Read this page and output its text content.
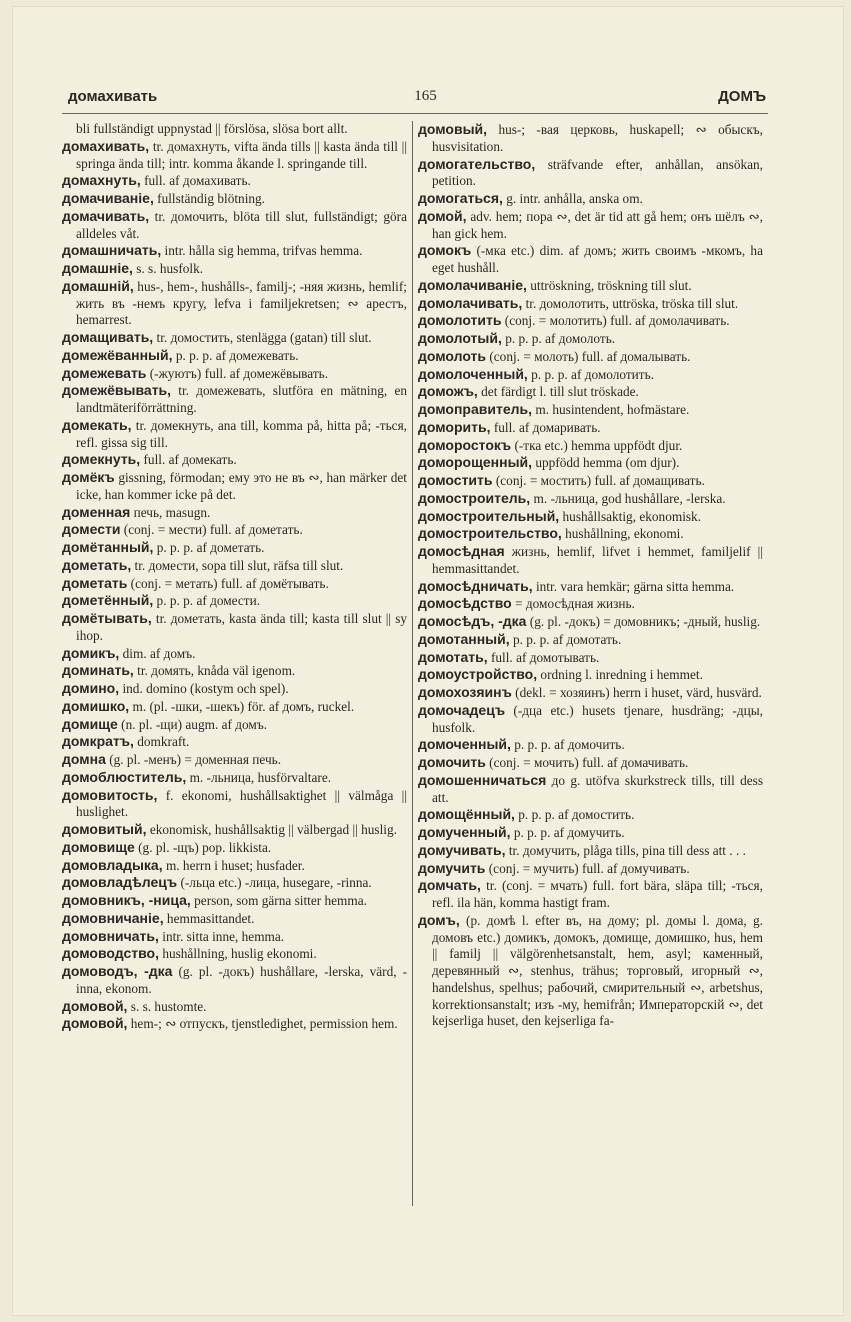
домахивать	165	ДОМЪ

bli fullständigt uppnystad || förslösa, slösa bort allt.

домахивать, tr. домахнуть, vifta ända tills || kasta ända till || springa ända till; intr. komma åkande l. springande till.

домахнуть, full. af домахивать.

домачиваніе, fullständig blötning.

домачивать, tr. домочить, blöta till slut, fullständigt; göra alldeles våt.

домашничать, intr. hålla sig hemma, trifvas hemma.

домашніе, s. s. husfolk.

домашній, hus-, hem-, hushålls-, familj-; -няя жизнь, hemlif; жить въ -немъ кругу, lefva i familjekretsen; ∾ арестъ, hemarrest.

домащивать, tr. домостить, stenlägga (gatan) till slut.

домежёванный, p. p. p. af домежевать.

домежевать (-жуютъ) full. af домежёвывать.

домежёвывать, tr. домежевать, slutföra en mätning, en landtmäteriförrättning.

домекать, tr. домекнуть, ana till, komma på, hitta på; -ться, refl. gissa sig till.

домекнуть, full. af домекать.

домёкъ gissning, förmodan; ему это не въ ∾, han märker det icke, han kommer icke på det.

доменная печь, masugn.

домести (conj. = мести) full. af дометать.

домётанный, p. p. p. af дометать.

дометать, tr. домести, sopa till slut, räfsa till slut.

дометать (conj. = метать) full. af домётывать.

дометённый, p. p. p. af домести.

домётывать, tr. дометать, kasta ända till; kasta till slut || sy ihop.

домикъ, dim. af домъ.

доминать, tr. домять, knåda väl igenom.

домино, ind. domino (kostym och spel).

домишко, m. (pl. -шки, -шекъ) för. af домъ, ruckel.

домище (n. pl. -щи) augm. af домъ.

домкратъ, domkraft.

домна (g. pl. -менъ) = доменная печь.

домоблюститель, m. -льница, husförvaltare.

домовитость, f. ekonomi, hushållsaktighet || välmåga || huslighet.

домовитый, ekonomisk, hushållsaktig || välbergad || huslig.

домовище (g. pl. -щъ) pop. likkista.

домовладыка, m. herrn i huset; husfader.

домовладѣлецъ (-льца etc.) -лица, husegare, -rinna.

домовникъ, -ница, person, som gärna sitter hemma.

домовничаніе, hemmasittandet.

домовничать, intr. sitta inne, hemma.

домоводство, hushållning, huslig ekonomi.

домоводъ, -дка (g. pl. -докъ) hushållare, -lerska, värd, -inna, ekonom.

домовой, s. s. hustomte.

домовой, hem-; ∾ отпускъ, tjenstledighet, permission hem.

домовый, hus-; -вая церковь, huskapell; ∾ обыскъ, husvisitation.

домогательство, sträfvande efter, anhållan, ansökan, petition.

домогаться, g. intr. anhålla, anska om.

домой, adv. hem; пора ∾, det är tid att gå hem; онъ шёлъ ∾, han gick hem.

домокъ (-мка etc.) dim. af домъ; жить своимъ -мкомъ, ha eget hushåll.

домолачиваніе, uttröskning, tröskning till slut.

домолачивать, tr. домолотить, uttröska, tröska till slut.

домолотить (conj. = молотить) full. af домолачивать.

домолотый, p. p. p. af домолоть.

домолоть (conj. = молоть) full. af домалывать.

домолоченный, p. p. p. af домолотить.

доможъ, det färdigt l. till slut tröskade.

домоправитель, m. husintendent, hofmästare.

доморить, full. af домаривать.

доморостокъ (-тка etc.) hemma uppfödt djur.

доморощенный, uppfödd hemma (om djur).

домостить (conj. = мостить) full. af домащивать.

домостроитель, m. -льница, god hushållare, -lerska.

домостроительный, hushållsaktig, ekonomisk.

домостроительство, hushållning, ekonomi.

домосѣдная жизнь, hemlif, lifvet i hemmet, familjelif || hemmasittandet.

домосѣдничать, intr. vara hemkär; gärna sitta hemma.

домосѣдство = домосѣдная жизнь.

домосѣдъ, -дка (g. pl. -докъ) = домовникъ; -дный, huslig.

домотанный, p. p. p. af домотать.

домотать, full. af домотывать.

домоустройство, ordning l. inredning i hemmet.

домохозяинъ (dekl. = хозяинъ) herrn i huset, värd, husvärd.

домочадецъ (-дца etc.) husets tjenare, husdräng; -дцы, husfolk.

домоченный, p. p. p. af домочить.

домочить (conj. = мочить) full. af домачивать.

домошенничаться до g. utöfva skurkstreck tills, till dess att.

домощённый, p. p. p. af домостить.

домученный, p. p. p. af домучить.

домучивать, tr. домучить, plåga tills, pina till dess att . . .

домучить (conj. = мучить) full. af домучивать.

домчать, tr. (conj. = мчать) full. fort bära, släpa till; -ться, refl. ila hän, komma hastigt fram.

домъ, (p. домѣ l. efter въ, на дому; pl. домы l. дома, g. домовъ etc.) домикъ, домокъ, домище, домишко, hus, hem || familj || välgörenhetsanstalt, hem, asyl; каменный, деревянный ∾, stenhus, trähus; торговый, игорный ∾, handelshus, spelhus; рабочий, смирительный ∾, arbetshus, korrektionsanstalt; изъ -му, hemifrån; Императорскій ∾, det kejserliga huset, den kejserliga fa-
